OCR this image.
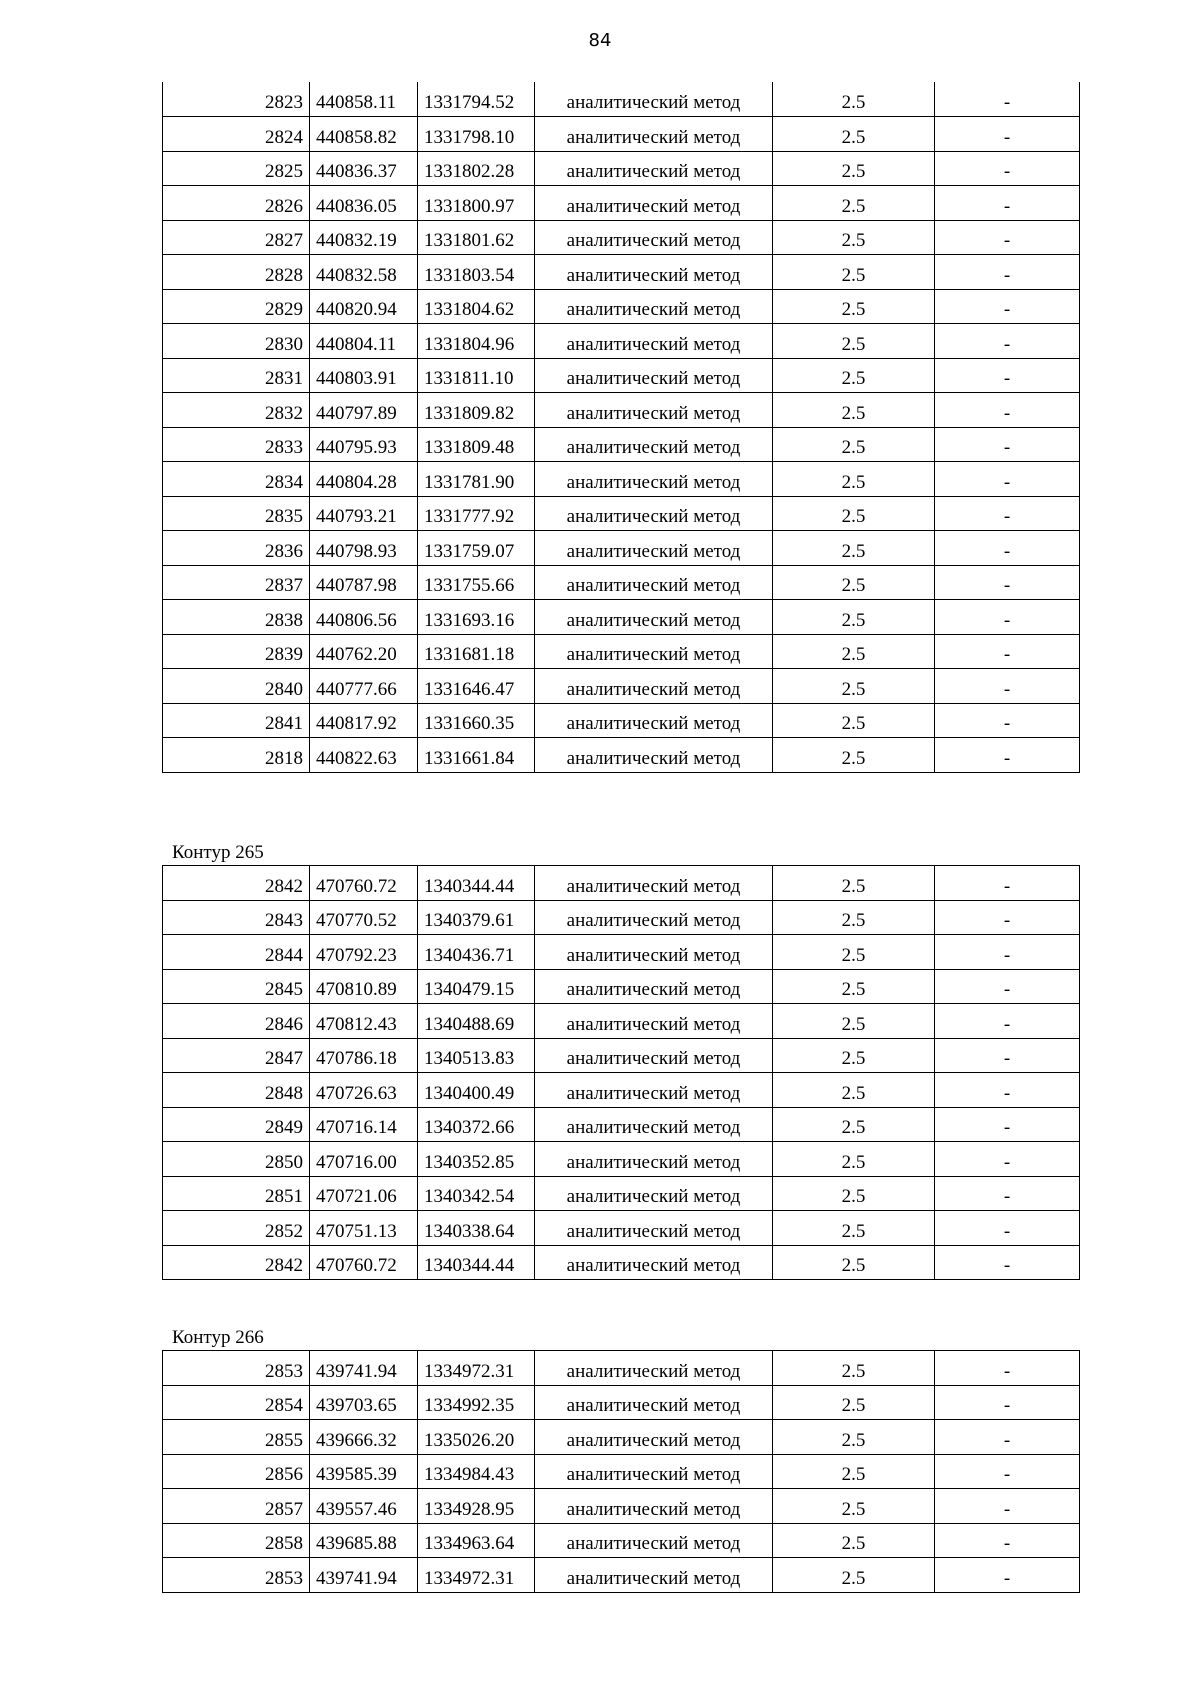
84
2823	440858.11	1331794.52	аналитический метод	2.5	-
2824	440858.82	1331798.10	аналитический метод	2.5	-
2825	440836.37	1331802.28	аналитический метод	2.5	-
2826	440836.05	1331800.97	аналитический метод	2.5	-
2827	440832.19	1331801.62	аналитический метод	2.5	-
2828	440832.58	1331803.54	аналитический метод	2.5	-
2829	440820.94	1331804.62	аналитический метод	2.5	-
2830	440804.11	1331804.96	аналитический метод	2.5	-
2831	440803.91	1331811.10	аналитический метод	2.5	-
2832	440797.89	1331809.82	аналитический метод	2.5	-
2833	440795.93	1331809.48	аналитический метод	2.5	-
2834	440804.28	1331781.90	аналитический метод	2.5	-
2835	440793.21	1331777.92	аналитический метод	2.5	-
2836	440798.93	1331759.07	аналитический метод	2.5	-
2837	440787.98	1331755.66	аналитический метод	2.5	-
2838	440806.56	1331693.16	аналитический метод	2.5	-
2839	440762.20	1331681.18	аналитический метод	2.5	-
2840	440777.66	1331646.47	аналитический метод	2.5	-
2841	440817.92	1331660.35	аналитический метод	2.5	-
2818	440822.63	1331661.84	аналитический метод	2.5	-
Контур 265
2842	470760.72	1340344.44	аналитический метод	2.5	-
2843	470770.52	1340379.61	аналитический метод	2.5	-
2844	470792.23	1340436.71	аналитический метод	2.5	-
2845	470810.89	1340479.15	аналитический метод	2.5	-
2846	470812.43	1340488.69	аналитический метод	2.5	-
2847	470786.18	1340513.83	аналитический метод	2.5	-
2848	470726.63	1340400.49	аналитический метод	2.5	-
2849	470716.14	1340372.66	аналитический метод	2.5	-
2850	470716.00	1340352.85	аналитический метод	2.5	-
2851	470721.06	1340342.54	аналитический метод	2.5	-
2852	470751.13	1340338.64	аналитический метод	2.5	-
2842	470760.72	1340344.44	аналитический метод	2.5	-
Контур 266
2853	439741.94	1334972.31	аналитический метод	2.5	-
2854	439703.65	1334992.35	аналитический метод	2.5	-
2855	439666.32	1335026.20	аналитический метод	2.5	-
2856	439585.39	1334984.43	аналитический метод	2.5	-
2857	439557.46	1334928.95	аналитический метод	2.5	-
2858	439685.88	1334963.64	аналитический метод	2.5	-
2853	439741.94	1334972.31	аналитический метод	2.5	-
